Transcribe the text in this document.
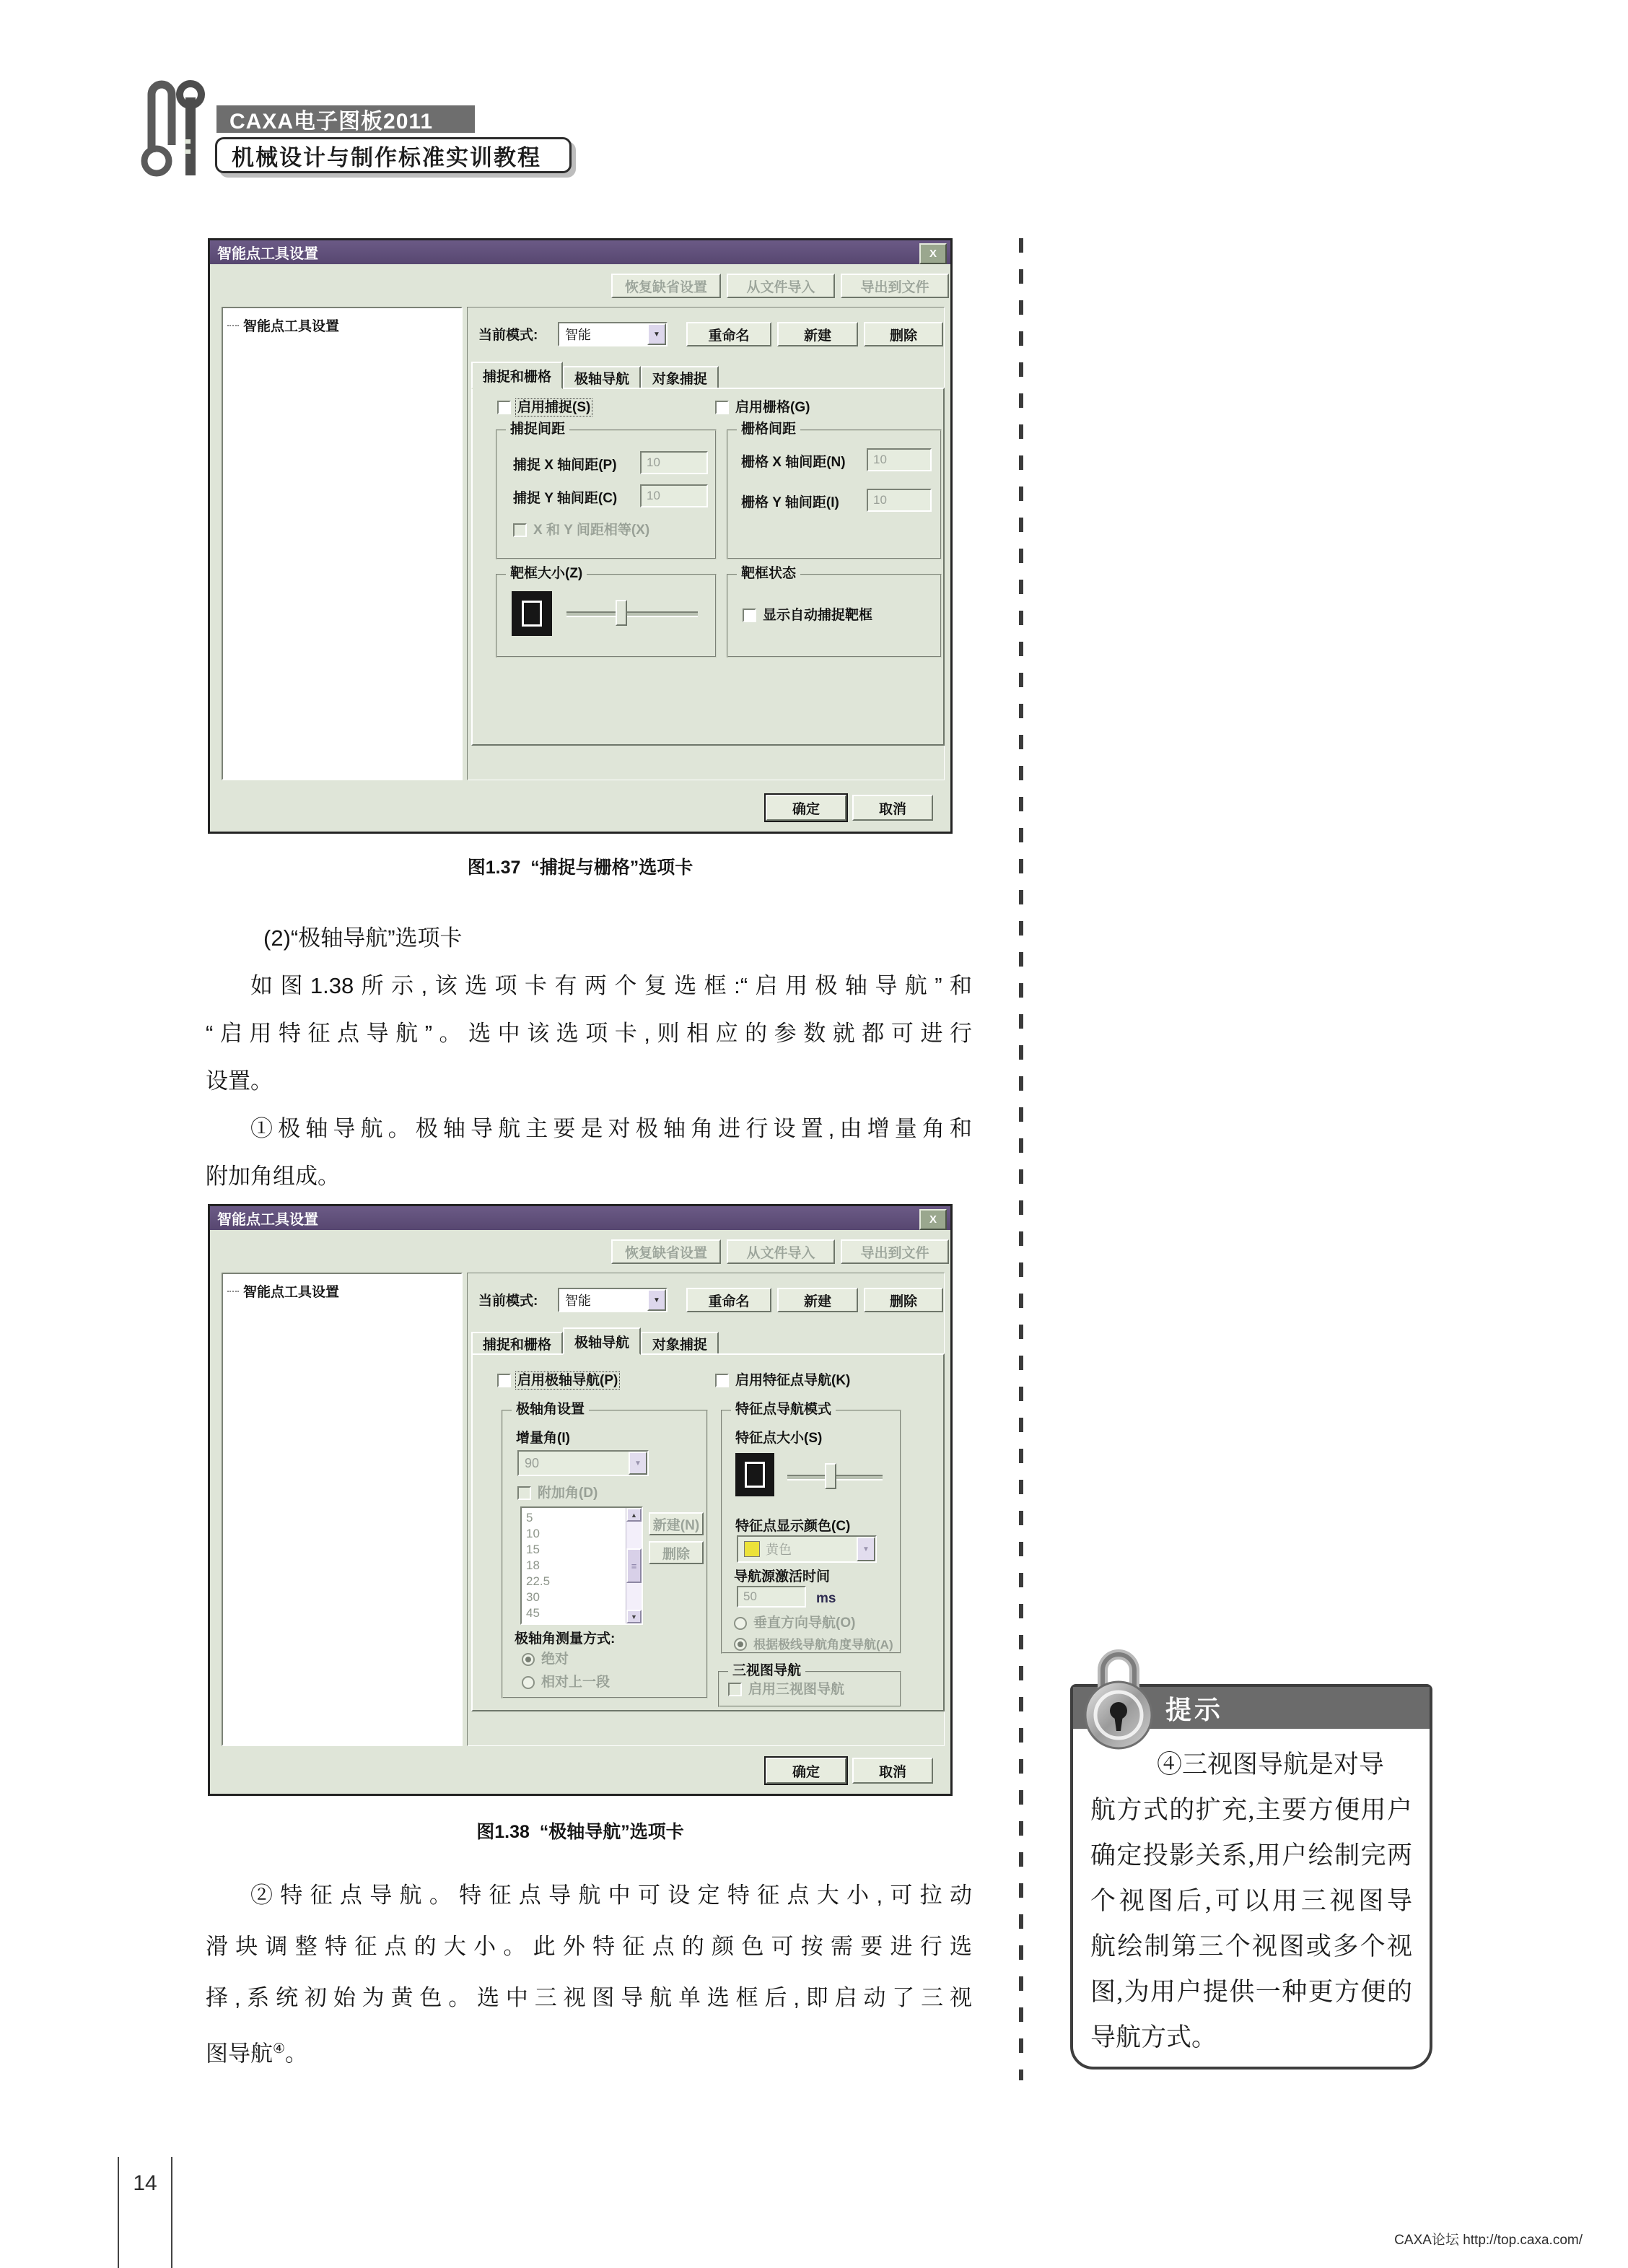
CAXA电子图板2011
机械设计与制作标准实训教程
智能点工具设置	X
恢复缺省设置	从文件导入	导出到文件
智能点工具设置
当前模式:	智能	▼	重命名	新建	删除
捕捉和栅格 极轴导航 对象捕捉
启用捕捉(S)	启用栅格(G)
捕捉间距
捕捉 X 轴间距(P) 10
捕捉 Y 轴间距(C) 10
X 和 Y 间距相等(X)
栅格间距
栅格 X 轴间距(N) 10
栅格 Y 轴间距(I)	10
靶框大小(Z)	靶框状态
显示自动捕捉靶框
确定	取消
图1.37  “捕捉与栅格”选项卡
(2)“极轴导航”选项卡
如图1.38所示,该选项卡有两个复选框:“启用极轴导航”和
“启用特征点导航”。选中该选项卡,则相应的参数就都可进行
设置。
①极轴导航。极轴导航主要是对极轴角进行设置,由增量角和
附加角组成。
智能点工具设置	X
恢复缺省设置	从文件导入	导出到文件
智能点工具设置
当前模式:	智能	▼	重命名	新建	删除
捕捉和栅格 极轴导航 对象捕捉
启用极轴导航(P)	启用特征点导航(K)
极轴角设置
增量角(I)
90	▼
附加角(D)
5
10
15
18
22.5
30
45
▲
≡
▼
新建(N)
删除
极轴角测量方式:
绝对
相对上一段
特征点导航模式
特征点大小(S)
特征点显示颜色(C)
黄色	▼
导航源激活时间
50	ms
垂直方向导航(O)
根据极线导航角度导航(A)
三视图导航
启用三视图导航
确定	取消
图1.38  “极轴导航”选项卡
②特征点导航。特征点导航中可设定特征点大小,可拉动
滑块调整特征点的大小。此外特征点的颜色可按需要进行选
择,系统初始为黄色。选中三视图导航单选框后,即启动了三视
图导航④。
提示
④三视图导航是对导
航方式的扩充,主要方便用户
确定投影关系,用户绘制完两
个视图后,可以用三视图导
航绘制第三个视图或多个视
图,为用户提供一种更方便的
导航方式。
14
CAXA论坛 http://top.caxa.com/
